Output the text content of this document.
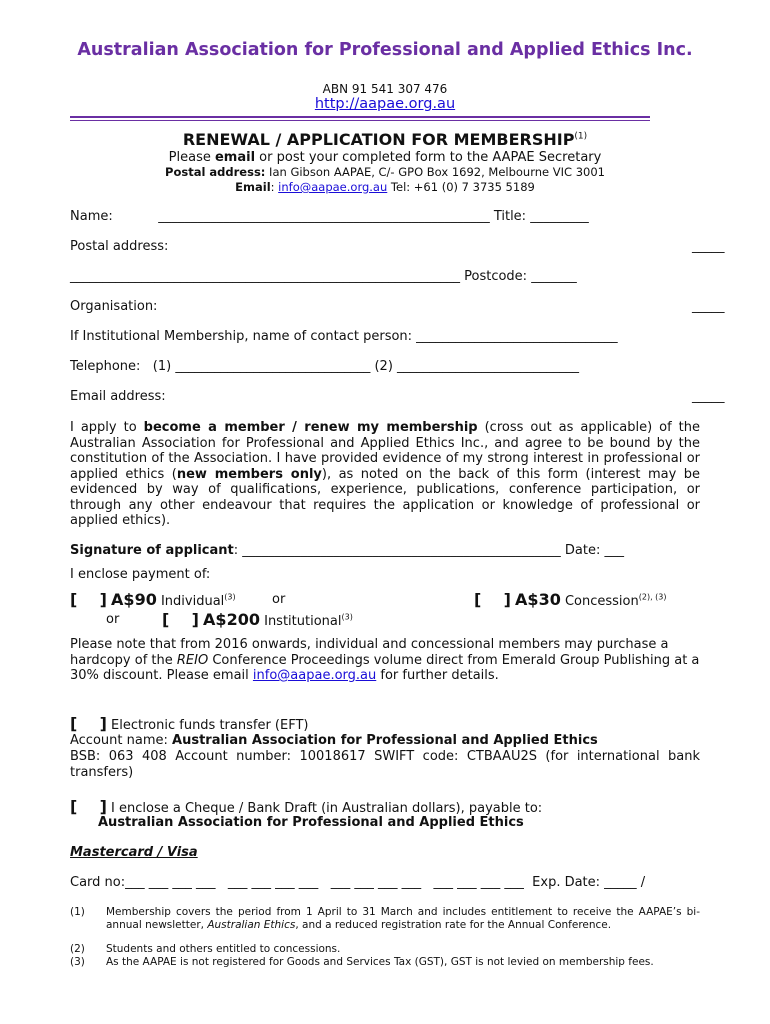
Australian Association for Professional and Applied Ethics Inc.
ABN 91 541 307 476
http://aapae.org.au
RENEWAL / APPLICATION FOR MEMBERSHIP$^{(1)}$
Please email or post your completed form to the AAPAE Secretary
Postal address: Ian Gibson AAPAE, C/- GPO Box 1692, Melbourne VIC 3001
Email: info@aapae.org.au Tel: +61 (0) 7 3735 5189
Name:           ___________________________________________________ Title: _________
Postal address:	_____
____________________________________________________________ Postcode: _______
Organisation:	_____
If Institutional Membership, name of contact person: _______________________________
Telephone:   (1) ______________________________ (2) ____________________________
Email address:	_____
I apply to become a member / renew my membership (cross out as applicable) of the Australian Association for Professional and Applied Ethics Inc., and agree to be bound by the constitution of the Association. I have provided evidence of my strong interest in professional or applied ethics (new members only), as noted on the back of this form (interest may be evidenced by way of qualifications, experience, publications, conference participation, or through any other endeavour that requires the application or knowledge of professional or applied ethics).
Signature of applicant: _________________________________________________ Date: ___
I enclose payment of:
[    ] A$90 Individual$^{(3)}$	or	[    ] A$30 Concession$^{(2), (3)}$
or	[    ] A$200 Institutional$^{(3)}$
Please note that from 2016 onwards, individual and concessional members may purchase a hardcopy of the REIO Conference Proceedings volume direct from Emerald Group Publishing at a 30% discount. Please email info@aapae.org.au for further details.
[    ] Electronic funds transfer (EFT)
Account name: Australian Association for Professional and Applied Ethics
BSB: 063 408 Account number: 10018617 SWIFT code: CTBAAU2S (for international bank transfers)
[    ] I enclose a Cheque / Bank Draft (in Australian dollars), payable to:
Australian Association for Professional and Applied Ethics
Mastercard / Visa
Card no:___ ___ ___ ___   ___ ___ ___ ___   ___ ___ ___ ___   ___ ___ ___ ___  Exp. Date: _____ /
(1) Membership covers the period from 1 April to 31 March and includes entitlement to receive the AAPAE’s bi-annual newsletter, Australian Ethics, and a reduced registration rate for the Annual Conference.
(2) Students and others entitled to concessions.
(3) As the AAPAE is not registered for Goods and Services Tax (GST), GST is not levied on membership fees.
